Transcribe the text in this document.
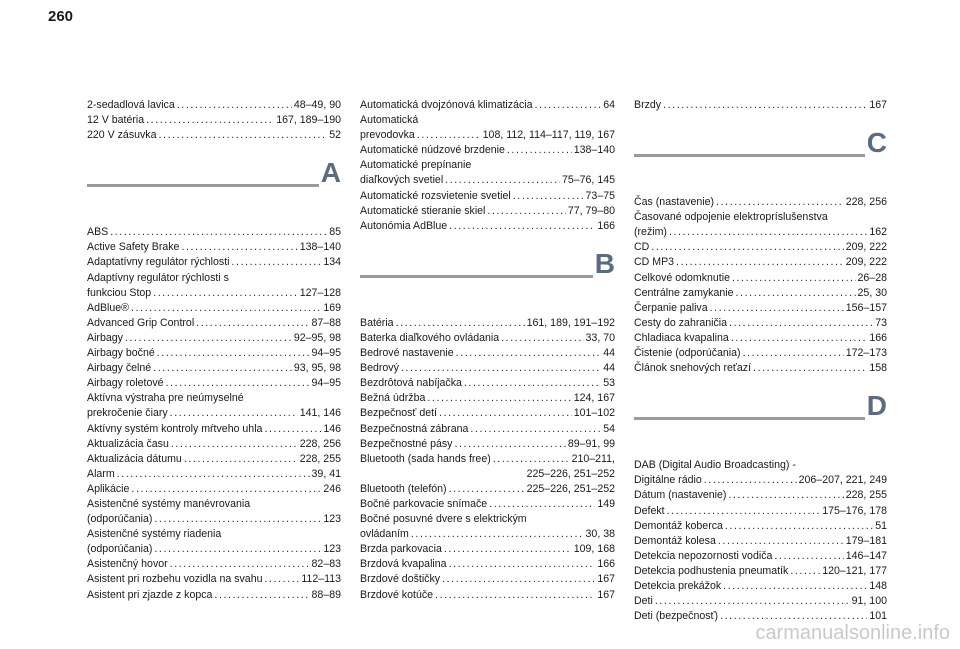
260
2-sedadlová lavica .....	48–49, 90
12 V batéria .....	167, 189–190
220 V zásuvka .....	52
A
ABS .....	85
Active Safety Brake .....	138–140
Adaptatívny regulátor rýchlosti .....	134
Adaptívny regulátor rýchlosti s
funkciou Stop .....	127–128
AdBlue® .....	169
Advanced Grip Control .....	87–88
Airbagy .....	92–95, 98
Airbagy bočné .....	94–95
Airbagy čelné .....	93, 95, 98
Airbagy roletové .....	94–95
Aktívna výstraha pre neúmyselné
prekročenie čiary .....	141, 146
Aktívny systém kontroly mŕtveho uhla .....	146
Aktualizácia času .....	228, 256
Aktualizácia dátumu .....	228, 255
Alarm .....	39, 41
Aplikácie .....	246
Asistenčné systémy manévrovania
(odporúčania) .....	123
Asistenčné systémy riadenia
(odporúčania) .....	123
Asistenčný hovor .....	82–83
Asistent pri rozbehu vozidla na svahu .....	112–113
Asistent pri zjazde z kopca .....	88–89
Automatická dvojzónová klimatizácia .....	64
Automatická
prevodovka .....	108, 112, 114–117, 119, 167
Automatické núdzové brzdenie .....	138–140
Automatické prepínanie
diaľkových svetiel .....	75–76, 145
Automatické rozsvietenie svetiel .....	73–75
Automatické stieranie skiel .....	77, 79–80
Autonómia AdBlue .....	166
B
Batéria .....	161, 189, 191–192
Baterka diaľkového ovládania .....	33, 70
Bedrové nastavenie .....	44
Bedrový .....	44
Bezdrôtová nabíjačka .....	53
Bežná údržba .....	124, 167
Bezpečnosť detí .....	101–102
Bezpečnostná zábrana .....	54
Bezpečnostné pásy .....	89–91, 99
Bluetooth (sada hands free) .....	210–211,
225–226, 251–252
Bluetooth (telefón) .....	225–226, 251–252
Bočné parkovacie snímače .....	149
Bočné posuvné dvere s elektrickým
ovládaním .....	30, 38
Brzda parkovacia .....	109, 168
Brzdová kvapalina .....	166
Brzdové doštičky .....	167
Brzdové kotúče .....	167
Brzdy .....	167
C
Čas (nastavenie) .....	228, 256
Časované odpojenie elektropríslušenstva
(režim) .....	162
CD .....	209, 222
CD MP3 .....	209, 222
Celkové odomknutie .....	26–28
Centrálne zamykanie .....	25, 30
Čerpanie paliva .....	156–157
Cesty do zahraničia .....	73
Chladiaca kvapalina .....	166
Čistenie (odporúčania) .....	172–173
Článok snehových reťazí .....	158
D
DAB (Digital Audio Broadcasting) -
Digitálne rádio .....	206–207, 221, 249
Dátum (nastavenie) .....	228, 255
Defekt .....	175–176, 178
Demontáž koberca .....	51
Demontáž kolesa .....	179–181
Detekcia nepozornosti vodiča .....	146–147
Detekcia podhustenia pneumatík .....	120–121, 177
Detekcia prekážok .....	148
Deti .....	91, 100
Deti (bezpečnosť) .....	101
carmanualsonline.info
